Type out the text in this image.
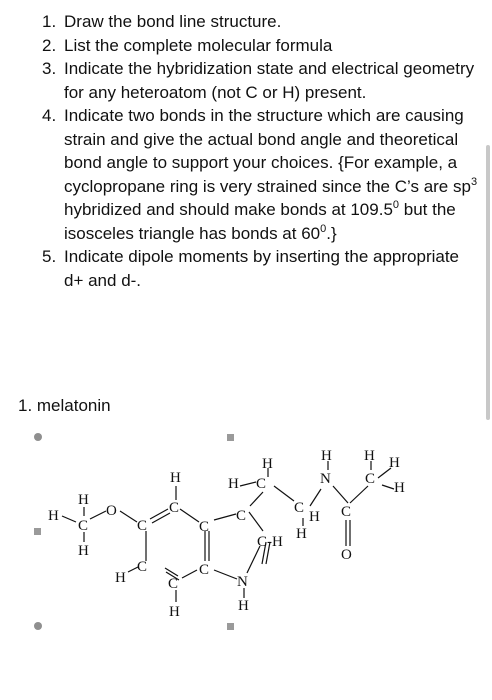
1. Draw the bond line structure.
2. List the complete molecular formula
3. Indicate the hybridization state and electrical geometry for any heteroatom (not C or H) present.
4. Indicate two bonds in the structure which are causing strain and give the actual bond angle and theoretical bond angle to support your choices. {For example, a cyclopropane ring is very strained since the C’s are $sp^3$ hybridized and should make bonds at 109.5$^0$ but the isosceles triangle has bonds at $60^0$.}
5. Indicate dipole moments by inserting the appropriate d+ and d-.
1. melatonin
H
H
C
H
O
C
H
C
C
C
C
H	C
H
C
C-H
N
H
H
H C
C
H
H
H
N
C
O
H H
C
H
